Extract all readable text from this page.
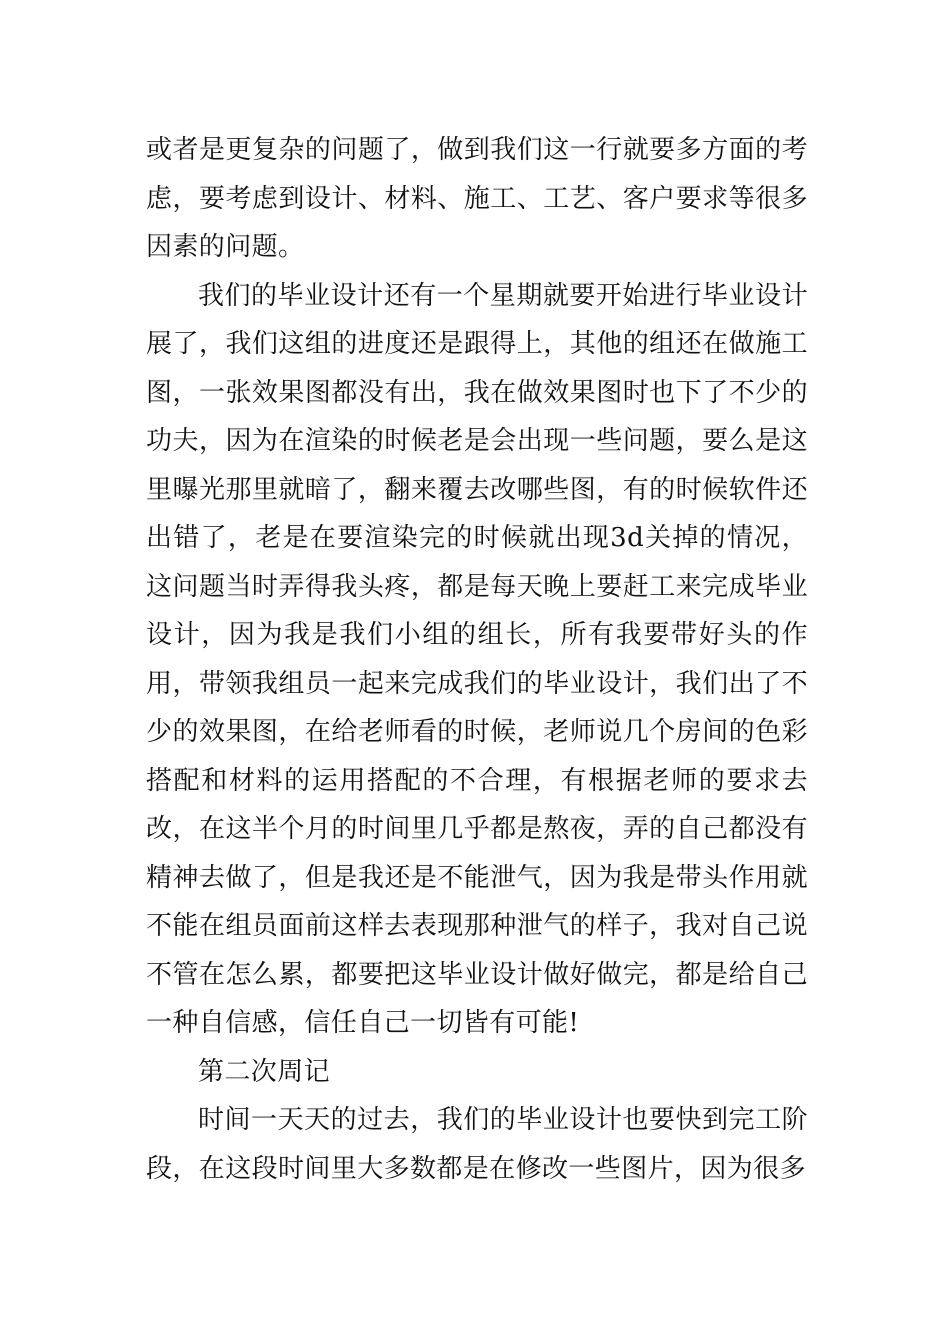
或者是更复杂的问题了，做到我们这一行就要多方面的考虑，要考虑到设计、材料、施工、工艺、客户要求等很多因素的问题。

我们的毕业设计还有一个星期就要开始进行毕业设计展了，我们这组的进度还是跟得上，其他的组还在做施工图，一张效果图都没有出，我在做效果图时也下了不少的功夫，因为在渲染的时候老是会出现一些问题，要么是这里曝光那里就暗了，翻来覆去改哪些图，有的时候软件还出错了，老是在要渲染完的时候就出现3d关掉的情况，这问题当时弄得我头疼，都是每天晚上要赶工来完成毕业设计，因为我是我们小组的组长，所有我要带好头的作用，带领我组员一起来完成我们的毕业设计，我们出了不少的效果图，在给老师看的时候，老师说几个房间的色彩搭配和材料的运用搭配的不合理，有根据老师的要求去改，在这半个月的时间里几乎都是熬夜，弄的自己都没有精神去做了，但是我还是不能泄气，因为我是带头作用就不能在组员面前这样去表现那种泄气的样子，我对自己说不管在怎么累，都要把这毕业设计做好做完，都是给自己一种自信感，信任自己一切皆有可能!

第二次周记

时间一天天的过去，我们的毕业设计也要快到完工阶段，在这段时间里大多数都是在修改一些图片，因为很多
